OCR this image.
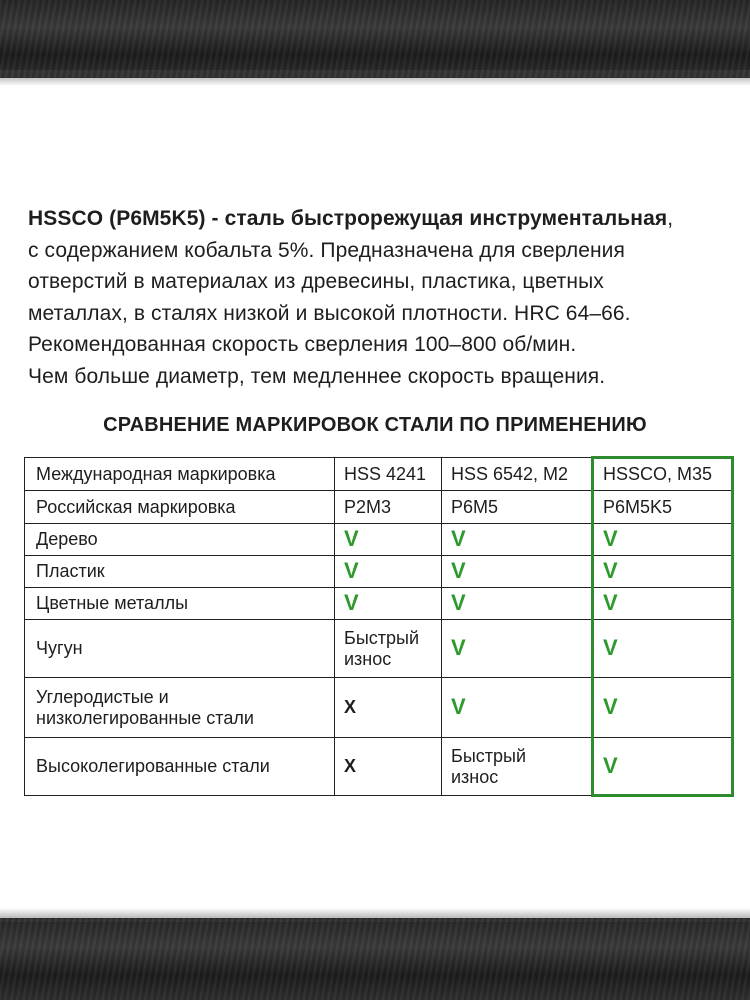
HSSCO (P6M5K5) - сталь быстрорежущая инструментальная,
с содержанием кобальта 5%. Предназначена для сверления
отверстий в материалах из древесины, пластика, цветных
металлах, в сталях низкой и высокой плотности. HRC 64–66.
Рекомендованная скорость сверления 100–800 об/мин.
Чем больше диаметр, тем медленнее скорость вращения.
СРАВНЕНИЕ МАРКИРОВОК СТАЛИ ПО ПРИМЕНЕНИЮ
Международная маркировка	HSS 4241	HSS 6542, M2	HSSCO, M35
Российская маркировка	P2M3	P6M5	P6M5K5
Дерево	V	V	V
Пластик	V	V	V
Цветные металлы	V	V	V
Чугун	Быстрый износ	V	V
Углеродистые и низколегированные стали	X	V	V
Высоколегированные стали	X	Быстрый износ	V
